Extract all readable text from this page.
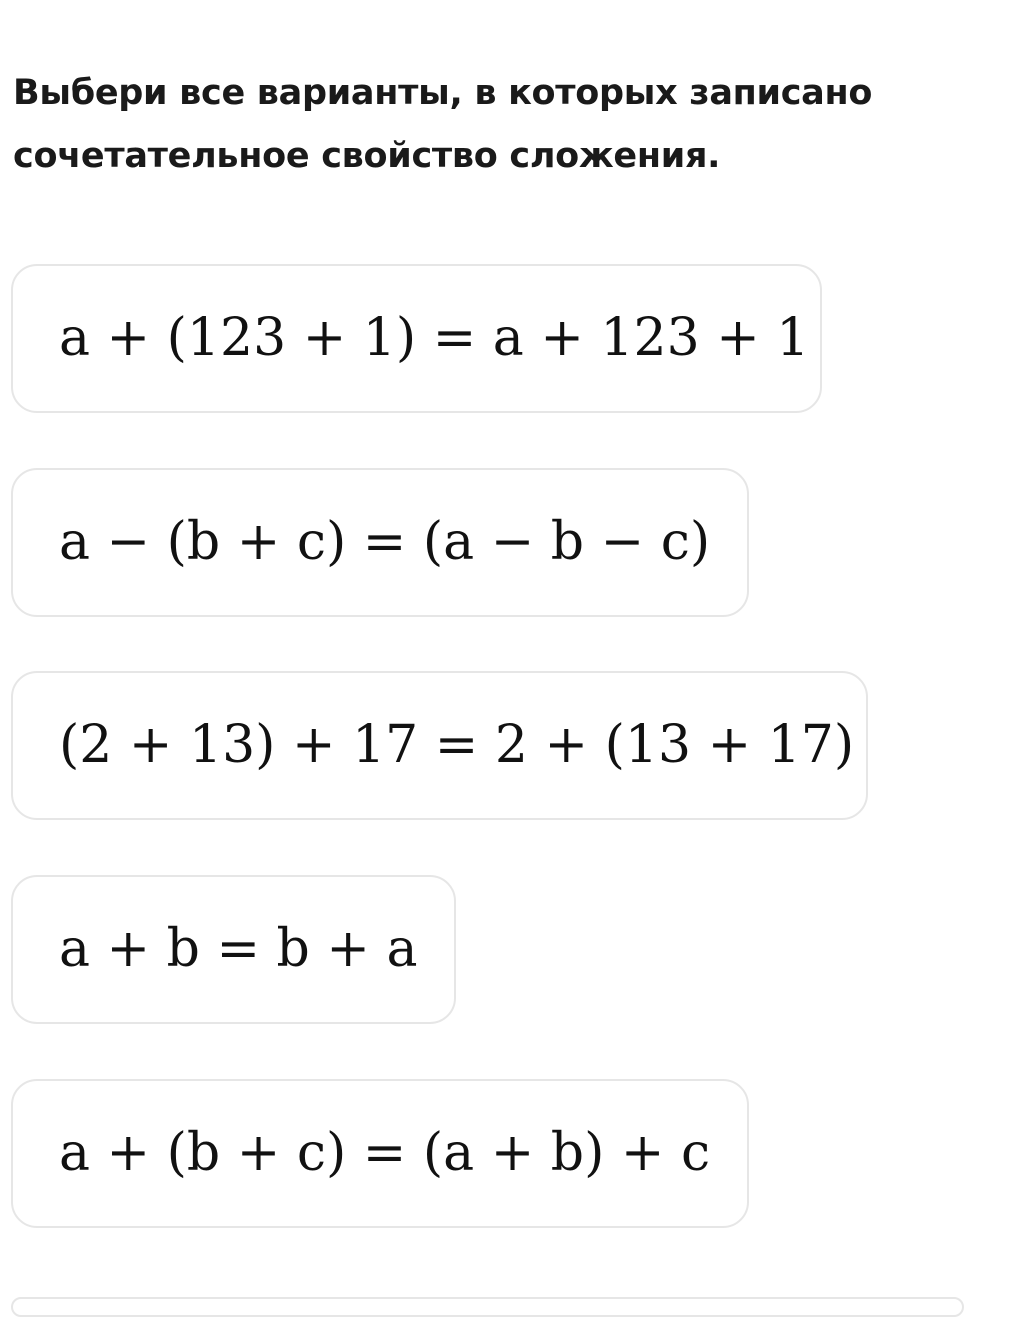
Выбери все варианты, в которых записано сочетательное свойство сложения.

a + (123 + 1) = a + 123 + 1
a − (b + c) = (a − b − c)
(2 + 13) + 17 = 2 + (13 + 17)
a + b = b + a
a + (b + c) = (a + b) + c
